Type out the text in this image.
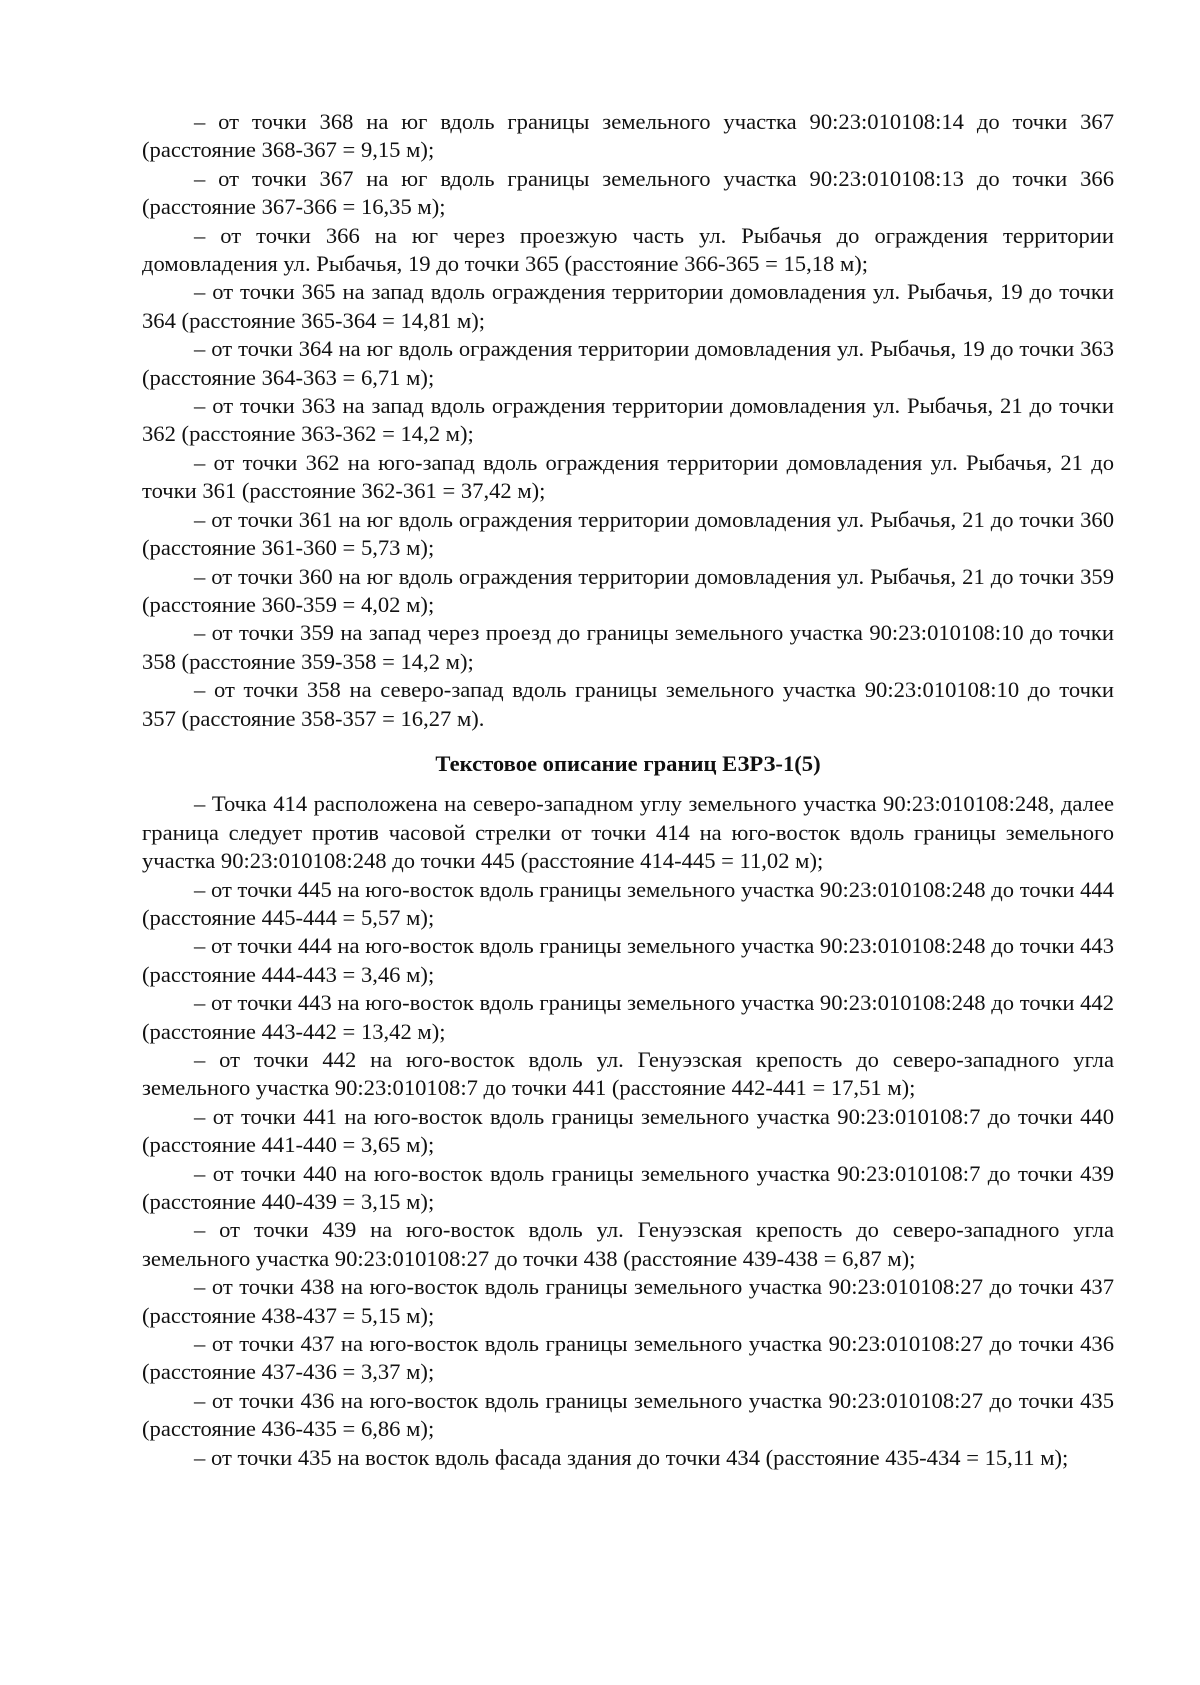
– от точки 368 на юг вдоль границы земельного участка 90:23:010108:14 до точки 367 (расстояние 368-367 = 9,15 м);

– от точки 367 на юг вдоль границы земельного участка 90:23:010108:13 до точки 366 (расстояние 367-366 = 16,35 м);

– от точки 366 на юг через проезжую часть ул. Рыбачья до ограждения территории домовладения ул. Рыбачья, 19 до точки 365 (расстояние 366-365 = 15,18 м);

– от точки 365 на запад вдоль ограждения территории домовладения ул. Рыбачья, 19 до точки 364 (расстояние 365-364 = 14,81 м);

– от точки 364 на юг вдоль ограждения территории домовладения ул. Рыбачья, 19 до точки 363 (расстояние 364-363 = 6,71 м);

– от точки 363 на запад вдоль ограждения территории домовладения ул. Рыбачья, 21 до точки 362 (расстояние 363-362 = 14,2 м);

– от точки 362 на юго-запад вдоль ограждения территории домовладения ул. Рыбачья, 21 до точки 361 (расстояние 362-361 = 37,42 м);

– от точки 361 на юг вдоль ограждения территории домовладения ул. Рыбачья, 21 до точки 360 (расстояние 361-360 = 5,73 м);

– от точки 360 на юг вдоль ограждения территории домовладения ул. Рыбачья, 21 до точки 359 (расстояние 360-359 = 4,02 м);

– от точки 359 на запад через проезд до границы земельного участка 90:23:010108:10 до точки 358 (расстояние 359-358 = 14,2 м);

– от точки 358 на северо-запад вдоль границы земельного участка 90:23:010108:10 до точки 357 (расстояние 358-357 = 16,27 м).

Текстовое описание границ ЕЗРЗ-1(5)

– Точка 414 расположена на северо-западном углу земельного участка 90:23:010108:248, далее граница следует против часовой стрелки от точки 414 на юго-восток вдоль границы земельного участка 90:23:010108:248 до точки 445 (расстояние 414-445 = 11,02 м);

– от точки 445 на юго-восток вдоль границы земельного участка 90:23:010108:248 до точки 444 (расстояние 445-444 = 5,57 м);

– от точки 444 на юго-восток вдоль границы земельного участка 90:23:010108:248 до точки 443 (расстояние 444-443 = 3,46 м);

– от точки 443 на юго-восток вдоль границы земельного участка 90:23:010108:248 до точки 442 (расстояние 443-442 = 13,42 м);

– от точки 442 на юго-восток вдоль ул. Генуэзская крепость до северо-западного угла земельного участка 90:23:010108:7 до точки 441 (расстояние 442-441 = 17,51 м);

– от точки 441 на юго-восток вдоль границы земельного участка 90:23:010108:7 до точки 440 (расстояние 441-440 = 3,65 м);

– от точки 440 на юго-восток вдоль границы земельного участка 90:23:010108:7 до точки 439 (расстояние 440-439 = 3,15 м);

– от точки 439 на юго-восток вдоль ул. Генуэзская крепость до северо-западного угла земельного участка 90:23:010108:27 до точки 438 (расстояние 439-438 = 6,87 м);

– от точки 438 на юго-восток вдоль границы земельного участка 90:23:010108:27 до точки 437 (расстояние 438-437 = 5,15 м);

– от точки 437 на юго-восток вдоль границы земельного участка 90:23:010108:27 до точки 436 (расстояние 437-436 = 3,37 м);

– от точки 436 на юго-восток вдоль границы земельного участка 90:23:010108:27 до точки 435 (расстояние 436-435 = 6,86 м);

– от точки 435 на восток вдоль фасада здания до точки 434 (расстояние 435-434 = 15,11 м);
